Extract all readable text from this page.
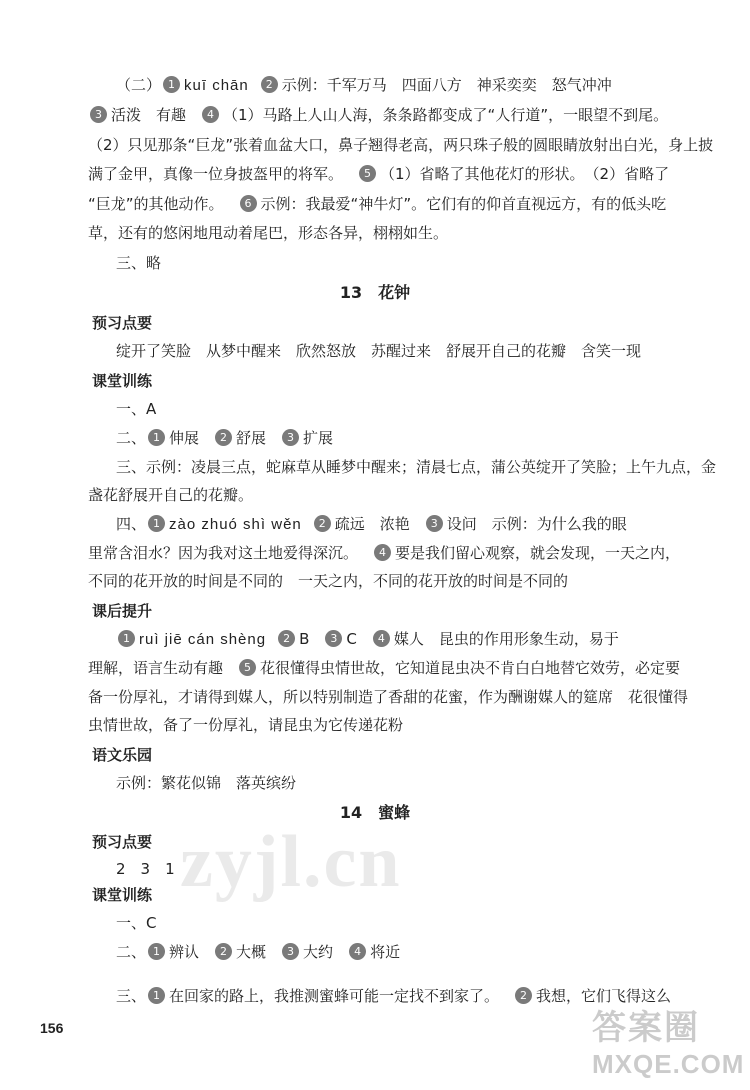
（二） 1 kuī chān 2 示例：千军万马　四面八方　神采奕奕　怒气冲冲
3 活泼　有趣 4 （1）马路上人山人海，条条路都变成了“人行道”，一眼望不到尾。
（2）只见那条“巨龙”张着血盆大口，鼻子翘得老高，两只珠子般的圆眼睛放射出白光，身上披
满了金甲，真像一位身披盔甲的将军。 5 （1）省略了其他花灯的形状。　（2）省略了
“巨龙”的其他动作。 6 示例：我最爱“神牛灯”。它们有的仰首直视远方，有的低头吃
草，还有的悠闲地甩动着尾巴，形态各异，栩栩如生。
三、略
13　花钟
预习点要
绽开了笑脸　从梦中醒来　欣然怒放　苏醒过来　舒展开自己的花瓣　含笑一现
课堂训练
一、A
二、 1 伸展 2 舒展 3 扩展
三、示例：凌晨三点，蛇麻草从睡梦中醒来；清晨七点，蒲公英绽开了笑脸；上午九点，金
盏花舒展开自己的花瓣。
四、 1 zào zhuó shì wěn 2 疏远　浓艳 3 设问　示例：为什么我的眼
里常含泪水？因为我对这土地爱得深沉。 4 要是我们留心观察，就会发现，一天之内，
不同的花开放的时间是不同的　一天之内，不同的花开放的时间是不同的
课后提升
1 ruì jiē cán shèng 2 B 3 C 4 媒人　昆虫的作用形象生动，易于
理解，语言生动有趣 5 花很懂得虫情世故，它知道昆虫决不肯白白地替它效劳，必定要
备一份厚礼，才请得到媒人，所以特别制造了香甜的花蜜，作为酬谢媒人的筵席　花很懂得
虫情世故，备了一份厚礼，请昆虫为它传递花粉
语文乐园
示例：繁花似锦　落英缤纷
14　蜜蜂
预习点要
2　3　1
课堂训练
一、C
二、 1 辨认 2 大概 3 大约 4 将近
三、 1 在回家的路上，我推测蜜蜂可能一定找不到家了。 2 我想，它们飞得这么
156
zyjl.cn
答案圈
MXQE.COM
